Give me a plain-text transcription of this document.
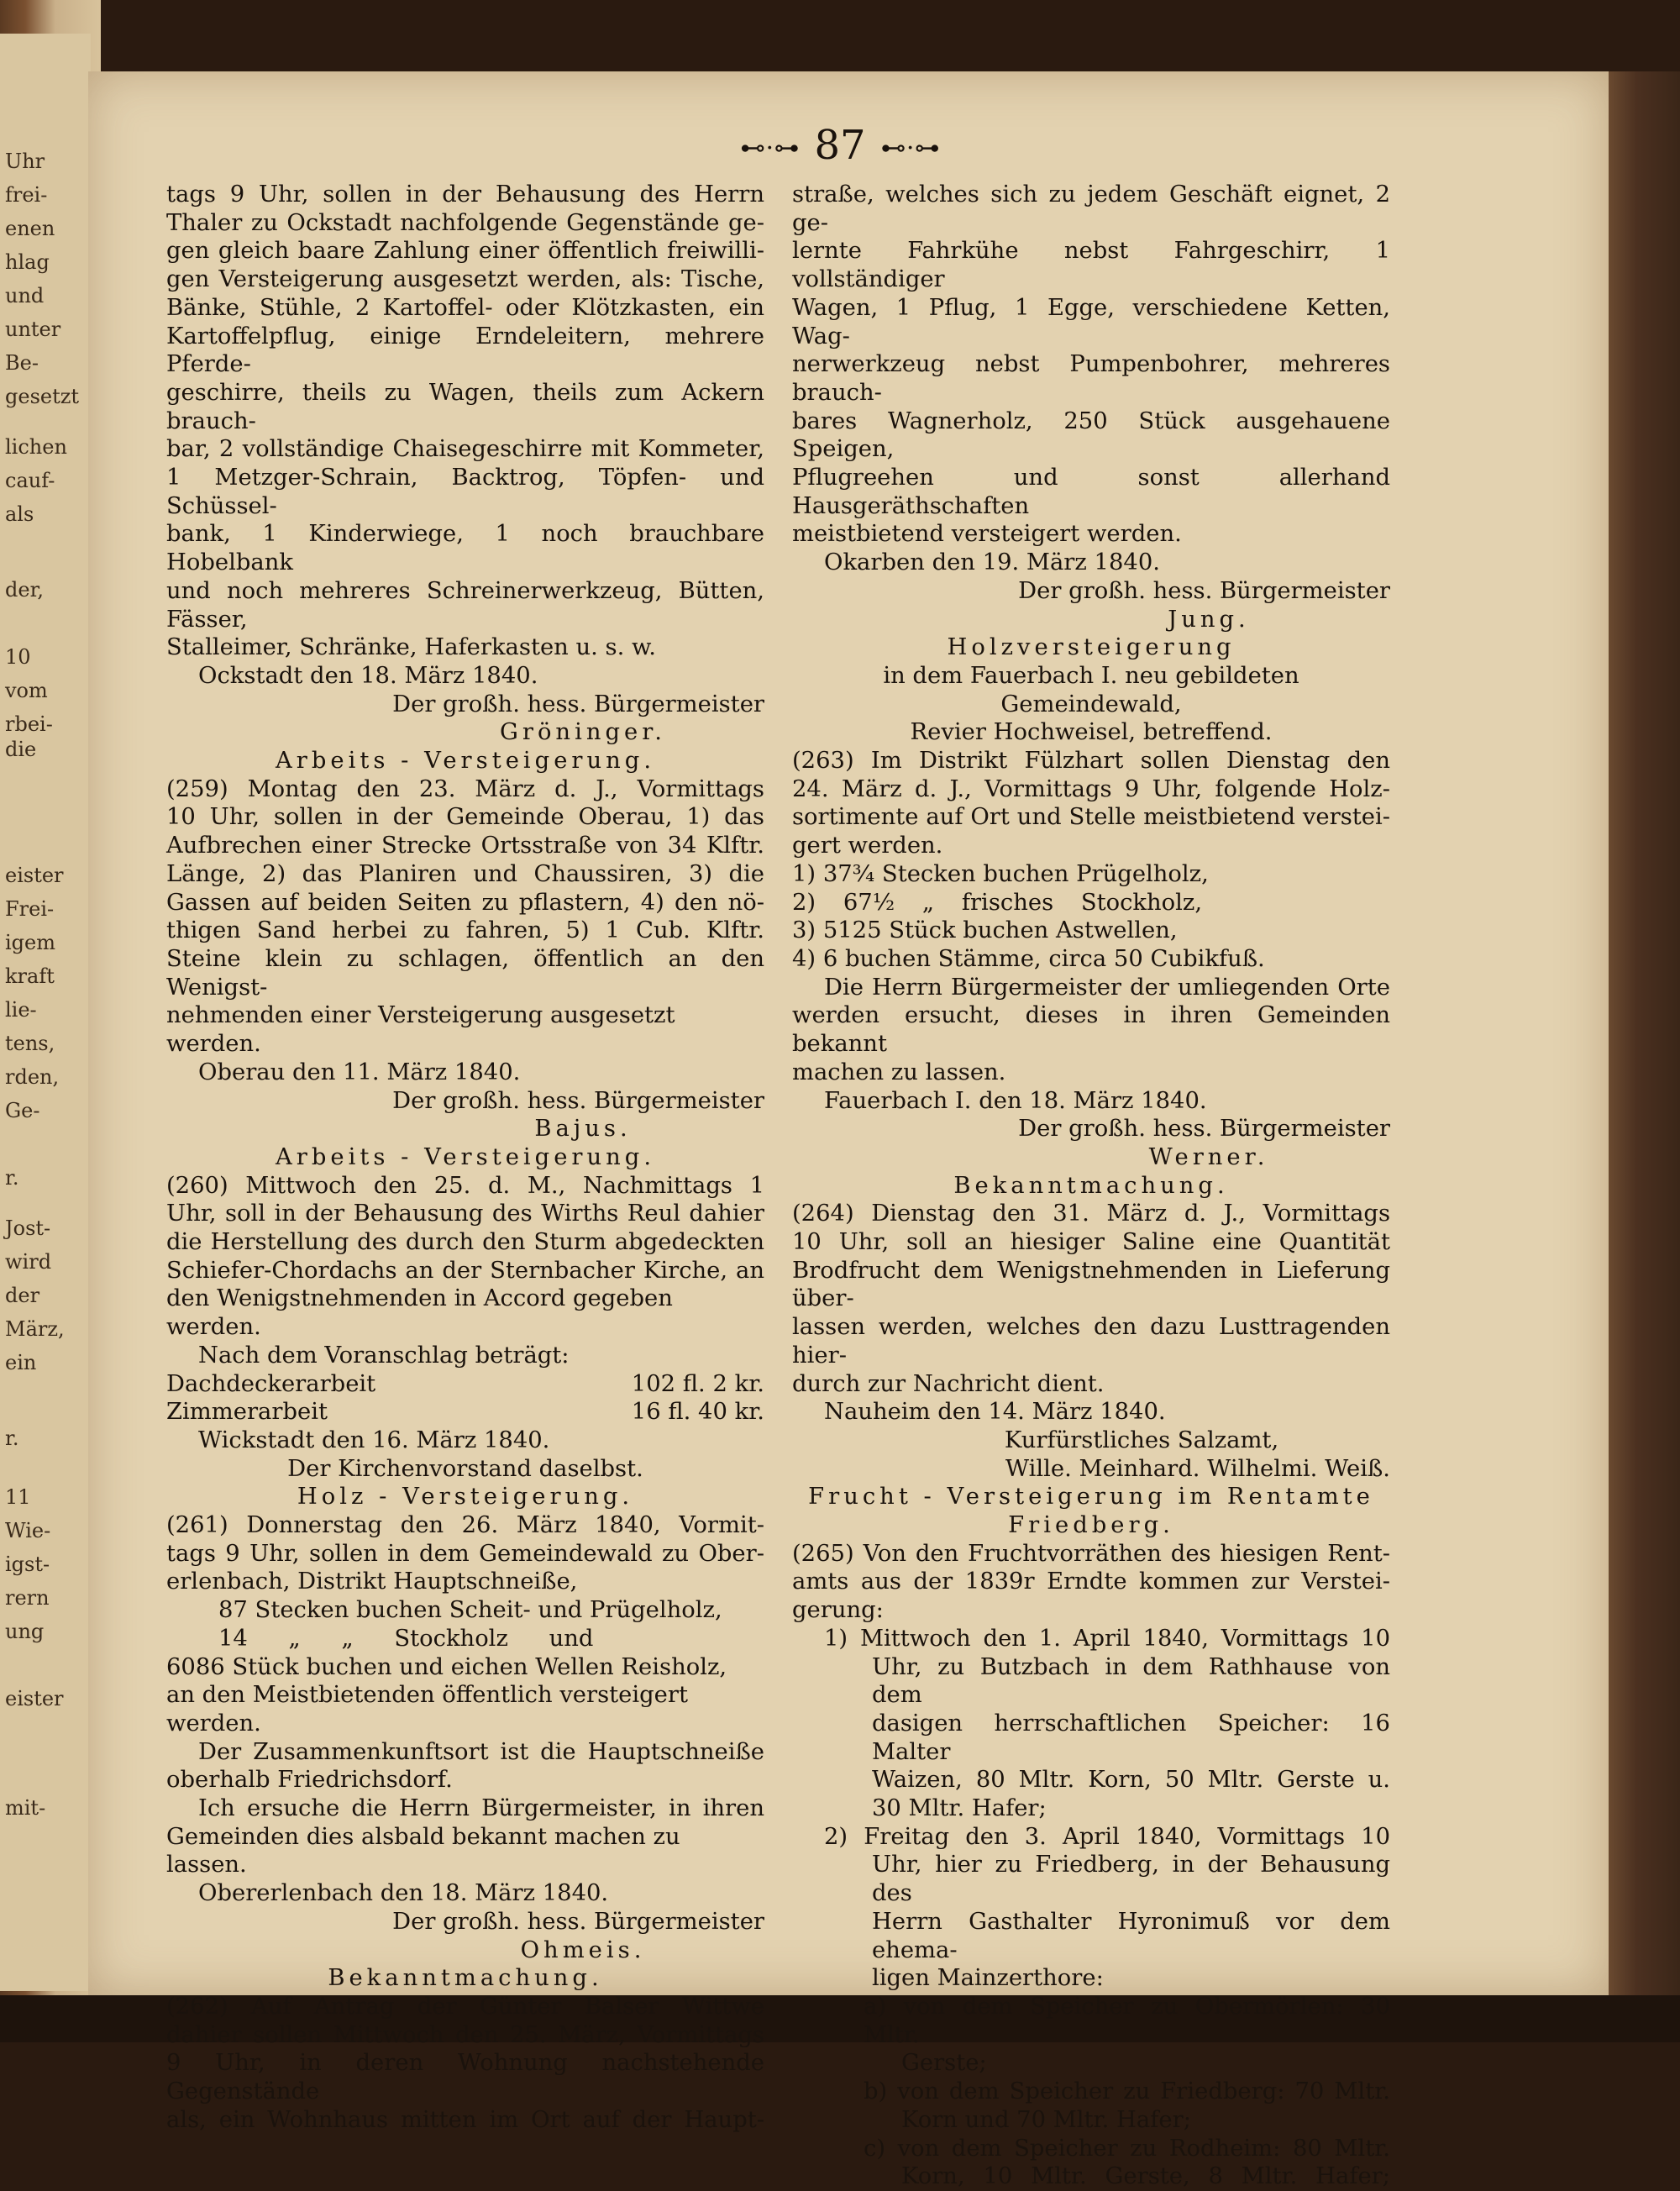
Uhr
frei-
enen
hlag
und
unter
Be-
gesetzt
lichen
cauf-
als
der,
10
vom
rbei-
die
eister
Frei-
igem
kraft
lie-
tens,
rden,
Ge-
r.
Jost-
wird
der
März,
ein
r.
11
Wie-
igst-
rern
ung
eister
mit-
⊷⋅⊶ 87 ⊷⋅⊶

tags 9 Uhr, sollen in der Behausung des Herrn

Thaler zu Ockstadt nachfolgende Gegenstände ge-

gen gleich baare Zahlung einer öffentlich freiwilli-

gen Versteigerung ausgesetzt werden, als: Tische,

Bänke, Stühle, 2 Kartoffel- oder Klötzkasten, ein

Kartoffelpflug, einige Erndeleitern, mehrere Pferde-

geschirre, theils zu Wagen, theils zum Ackern brauch-

bar, 2 vollständige Chaisegeschirre mit Kommeter,

1 Metzger-Schrain, Backtrog, Töpfen- und Schüssel-

bank, 1 Kinderwiege, 1 noch brauchbare Hobelbank

und noch mehreres Schreinerwerkzeug, Bütten, Fässer,

Stalleimer, Schränke, Haferkasten u. s. w.

Ockstadt den 18. März 1840.

Der großh. hess. Bürgermeister

Gröninger.

Arbeits - Versteigerung.

(259) Montag den 23. März d. J., Vormittags

10 Uhr, sollen in der Gemeinde Oberau, 1) das

Aufbrechen einer Strecke Ortsstraße von 34 Klftr.

Länge, 2) das Planiren und Chaussiren, 3) die

Gassen auf beiden Seiten zu pflastern, 4) den nö-

thigen Sand herbei zu fahren, 5) 1 Cub. Klftr.

Steine klein zu schlagen, öffentlich an den Wenigst-

nehmenden einer Versteigerung ausgesetzt werden.

Oberau den 11. März 1840.

Der großh. hess. Bürgermeister

Bajus.

Arbeits - Versteigerung.

(260) Mittwoch den 25. d. M., Nachmittags 1

Uhr, soll in der Behausung des Wirths Reul dahier

die Herstellung des durch den Sturm abgedeckten

Schiefer-Chordachs an der Sternbacher Kirche, an

den Wenigstnehmenden in Accord gegeben werden.

Nach dem Voranschlag beträgt:

Dachdeckerarbeit	102 fl. 2 kr.
Zimmerarbeit	16 fl. 40 kr.

Wickstadt den 16. März 1840.

Der Kirchenvorstand daselbst.

Holz - Versteigerung.

(261) Donnerstag den 26. März 1840, Vormit-

tags 9 Uhr, sollen in dem Gemeindewald zu Ober-

erlenbach, Distrikt Hauptschneiße,

87 Stecken buchen Scheit- und Prügelholz,

14 „ „ Stockholz und

6086 Stück buchen und eichen Wellen Reisholz,

an den Meistbietenden öffentlich versteigert werden.

Der Zusammenkunftsort ist die Hauptschneiße

oberhalb Friedrichsdorf.

Ich ersuche die Herrn Bürgermeister, in ihren

Gemeinden dies alsbald bekannt machen zu lassen.

Obererlenbach den 18. März 1840.

Der großh. hess. Bürgermeister

Ohmeis.

Bekanntmachung.

(262) Auf Antrag der Günter Balser Wittwe

dahier sollen Mittwoch den 25. März, Vormittags

9 Uhr, in deren Wohnung nachstehende Gegenstände

als, ein Wohnhaus mitten im Ort auf der Haupt-

straße, welches sich zu jedem Geschäft eignet, 2 ge-

lernte Fahrkühe nebst Fahrgeschirr, 1 vollständiger

Wagen, 1 Pflug, 1 Egge, verschiedene Ketten, Wag-

nerwerkzeug nebst Pumpenbohrer, mehreres brauch-

bares Wagnerholz, 250 Stück ausgehauene Speigen,

Pflugreehen und sonst allerhand Hausgeräthschaften

meistbietend versteigert werden.

Okarben den 19. März 1840.

Der großh. hess. Bürgermeister

Jung.

Holzversteigerung

in dem Fauerbach I. neu gebildeten Gemeindewald,

Revier Hochweisel, betreffend.

(263) Im Distrikt Fülzhart sollen Dienstag den

24. März d. J., Vormittags 9 Uhr, folgende Holz-

sortimente auf Ort und Stelle meistbietend verstei-

gert werden.

1) 37¾ Stecken buchen Prügelholz,

2) 67½ „ frisches Stockholz,

3) 5125 Stück buchen Astwellen,

4) 6 buchen Stämme, circa 50 Cubikfuß.

Die Herrn Bürgermeister der umliegenden Orte

werden ersucht, dieses in ihren Gemeinden bekannt

machen zu lassen.

Fauerbach I. den 18. März 1840.

Der großh. hess. Bürgermeister

Werner.

Bekanntmachung.

(264) Dienstag den 31. März d. J., Vormittags

10 Uhr, soll an hiesiger Saline eine Quantität

Brodfrucht dem Wenigstnehmenden in Lieferung über-

lassen werden, welches den dazu Lusttragenden hier-

durch zur Nachricht dient.

Nauheim den 14. März 1840.

Kurfürstliches Salzamt,

Wille. Meinhard. Wilhelmi. Weiß.

Frucht - Versteigerung im Rentamte

Friedberg.

(265) Von den Fruchtvorräthen des hiesigen Rent-

amts aus der 1839r Erndte kommen zur Verstei-

gerung:

1) Mittwoch den 1. April 1840, Vormittags 10

Uhr, zu Butzbach in dem Rathhause von dem

dasigen herrschaftlichen Speicher: 16 Malter

Waizen, 80 Mltr. Korn, 50 Mltr. Gerste u.

30 Mltr. Hafer;

2) Freitag den 3. April 1840, Vormittags 10

Uhr, hier zu Friedberg, in der Behausung des

Herrn Gasthalter Hyronimuß vor dem ehema-

ligen Mainzerthore:

a) von dem Speicher zu Obermörlen: 30 Mltr.

Gerste;

b) von dem Speicher zu Friedberg: 70 Mltr.

Korn und 70 Mltr. Hafer;

c) von dem Speicher zu Rodheim: 80 Mltr.

Korn, 10 Mltr. Gerste, 8 Mltr. Hafer;
